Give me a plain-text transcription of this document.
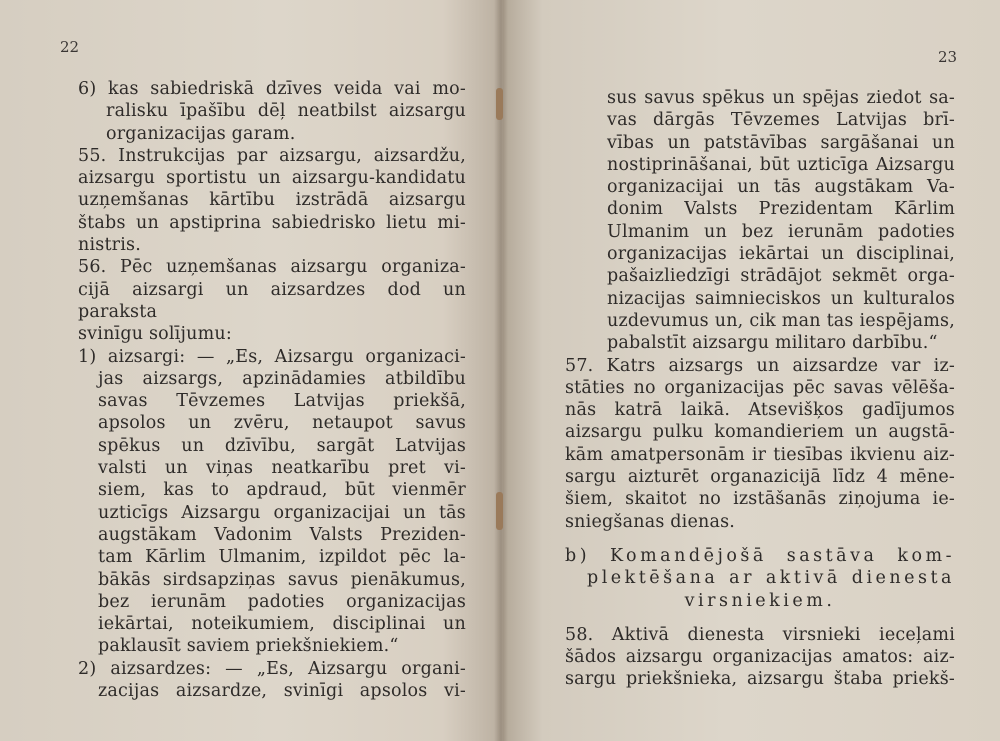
22
23

6) kas sabiedriskā dzīves veida vai mo-

ralisku īpašību dēļ neatbilst aizsargu

organizacijas garam.

55. Instrukcijas par aizsargu, aizsardžu,

aizsargu sportistu un aizsargu-kandidatu

uzņemšanas kārtību izstrādā aizsargu

štabs un apstiprina sabiedrisko lietu mi-

nistris.

56. Pēc uzņemšanas aizsargu organiza-

cijā aizsargi un aizsardzes dod un paraksta

svinīgu solījumu:

1) aizsargi: — „Es, Aizsargu organizaci-

jas aizsargs, apzinādamies atbildību

savas Tēvzemes Latvijas priekšā,

apsolos un zvēru, netaupot savus

spēkus un dzīvību, sargāt Latvijas

valsti un viņas neatkarību pret vi-

siem, kas to apdraud, būt vienmēr

uzticīgs Aizsargu organizacijai un tās

augstākam Vadonim Valsts Preziden-

tam Kārlim Ulmanim, izpildot pēc la-

bākās sirdsapziņas savus pienākumus,

bez ierunām padoties organizacijas

iekārtai, noteikumiem, disciplinai un

paklausīt saviem priekšniekiem.“

2) aizsardzes: — „Es, Aizsargu organi-

zacijas aizsardze, svinīgi apsolos vi-

sus savus spēkus un spējas ziedot sa-

vas dārgās Tēvzemes Latvijas brī-

vības un patstāvības sargāšanai un

nostiprināšanai, būt uzticīga Aizsargu

organizacijai un tās augstākam Va-

donim Valsts Prezidentam Kārlim

Ulmanim un bez ierunām padoties

organizacijas iekārtai un disciplinai,

pašaizliedzīgi strādājot sekmēt orga-

nizacijas saimnieciskos un kulturalos

uzdevumus un, cik man tas iespējams,

pabalstīt aizsargu militaro darbību.“

57. Katrs aizsargs un aizsardze var iz-

stāties no organizacijas pēc savas vēlēša-

nās katrā laikā. Atsevišķos gadījumos

aizsargu pulku komandieriem un augstā-

kām amatpersonām ir tiesības ikvienu aiz-

sargu aizturēt organazicijā līdz 4 mēne-

šiem, skaitot no izstāšanās ziņojuma ie-

sniegšanas dienas.

b) Komandējošā sastāva kom-

plektēšana ar aktivā dienesta

virsniekiem.

58. Aktivā dienesta virsnieki ieceļami

šādos aizsargu organizacijas amatos: aiz-

sargu priekšnieka, aizsargu štaba priekš-
